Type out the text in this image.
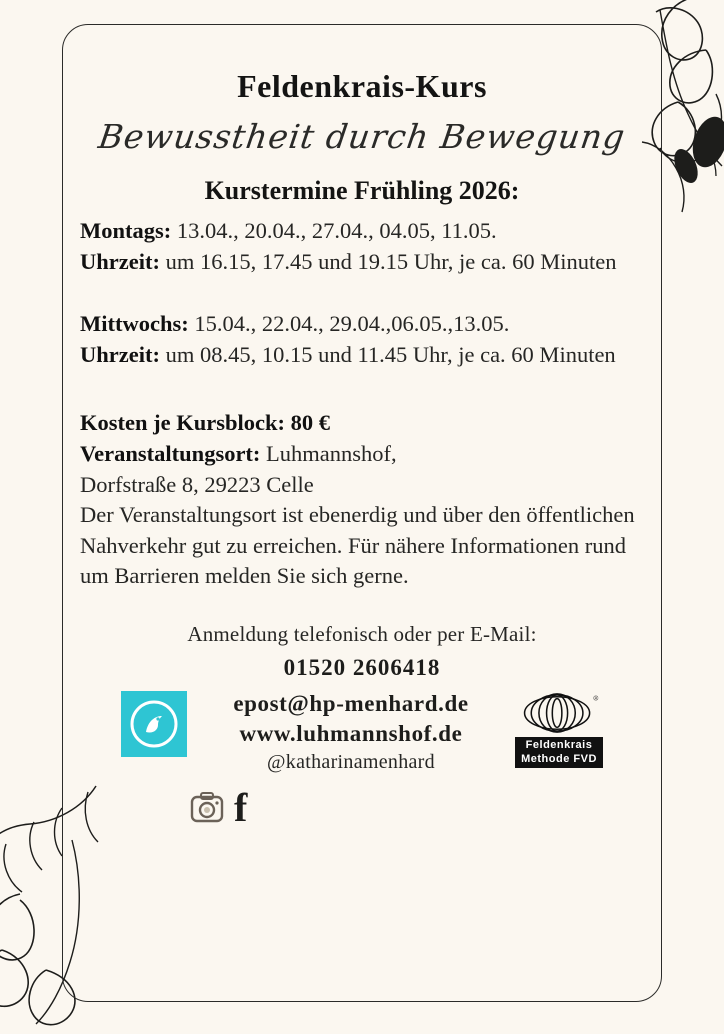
Feldenkrais-Kurs
Bewusstheit durch Bewegung
Kurstermine Frühling 2026:
Montags: 13.04., 20.04., 27.04., 04.05, 11.05.
Uhrzeit: um 16.15, 17.45 und 19.15 Uhr, je ca. 60 Minuten
Mittwochs: 15.04., 22.04., 29.04.,06.05.,13.05.
Uhrzeit: um 08.45, 10.15 und 11.45 Uhr, je ca. 60 Minuten
Kosten je Kursblock: 80 €
Veranstaltungsort: Luhmannshof,
Dorfstraße 8, 29223 Celle
Der Veranstaltungsort ist ebenerdig und über den öffentlichen Nahverkehr gut zu erreichen. Für nähere Informationen rund um Barrieren melden Sie sich gerne.
Anmeldung telefonisch oder per E-Mail:
01520 2606418
epost@hp-menhard.de
www.luhmannshof.de
@katharinamenhard
®
Feldenkrais
Methode FVD
f
